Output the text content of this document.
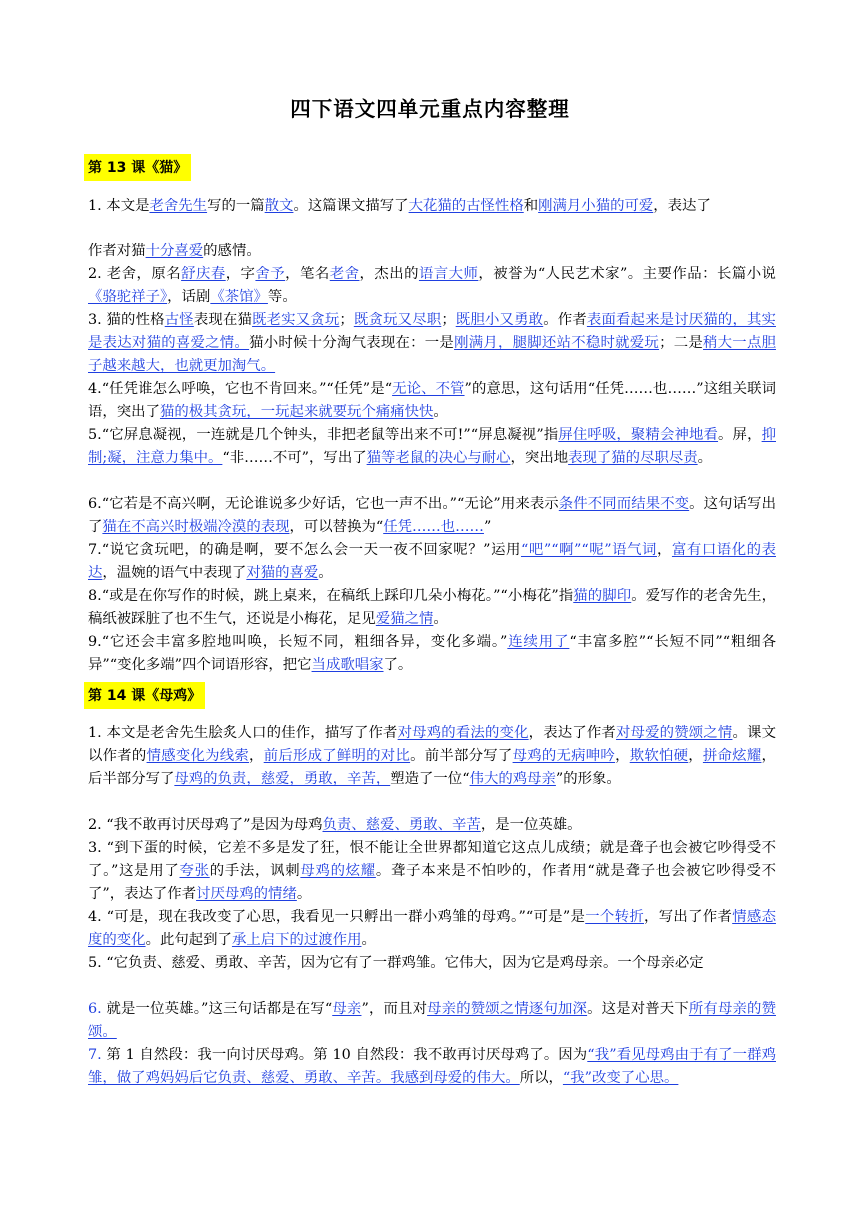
四下语文四单元重点内容整理
第 13 课《猫》
1. 本文是老舍先生写的一篇散文。这篇课文描写了大花猫的古怪性格和刚满月小猫的可爱，表达了
作者对猫十分喜爱的感情。
2. 老舍，原名舒庆春，字舍予，笔名老舍，杰出的语言大师，被誉为“人民艺术家”。主要作品：长篇小说《骆驼祥子》，话剧《茶馆》等。
3. 猫的性格古怪表现在猫既老实又贪玩；既贪玩又尽职；既胆小又勇敢。作者表面看起来是讨厌猫的，其实是表达对猫的喜爱之情。猫小时候十分淘气表现在：一是刚满月，腿脚还站不稳时就爱玩；二是稍大一点胆子越来越大，也就更加淘气。
4.“任凭谁怎么呼唤，它也不肯回来。”“任凭”是“无论、不管”的意思，这句话用“任凭……也……”这组关联词语，突出了猫的极其贪玩，一玩起来就要玩个痛痛快快。
5.“它屏息凝视，一连就是几个钟头，非把老鼠等出来不可!”“屏息凝视”指屏住呼吸，聚精会神地看。屏，抑制;凝，注意力集中。“非……不可”，写出了猫等老鼠的决心与耐心，突出地表现了猫的尽职尽责。
6.“它若是不高兴啊，无论谁说多少好话，它也一声不出。”“无论”用来表示条件不同而结果不变。这句话写出了猫在不高兴时极端冷漠的表现，可以替换为“任凭……也……”
7.“说它贪玩吧，的确是啊，要不怎么会一天一夜不回家呢？”运用“吧”“啊”“呢”语气词，富有口语化的表达，温婉的语气中表现了对猫的喜爱。
8.“或是在你写作的时候，跳上桌来，在稿纸上踩印几朵小梅花。”“小梅花”指猫的脚印。爱写作的老舍先生，稿纸被踩脏了也不生气，还说是小梅花，足见爱猫之情。
9.“它还会丰富多腔地叫唤，长短不同，粗细各异，变化多端。”连续用了“丰富多腔”“长短不同”“粗细各异”“变化多端”四个词语形容，把它当成歌唱家了。
第 14 课《母鸡》
1. 本文是老舍先生脍炙人口的佳作，描写了作者对母鸡的看法的变化，表达了作者对母爱的赞颂之情。课文以作者的情感变化为线索，前后形成了鲜明的对比。前半部分写了母鸡的无病呻吟，欺软怕硬，拼命炫耀，后半部分写了母鸡的负责，慈爱，勇敢，辛苦，塑造了一位“伟大的鸡母亲”的形象。
2. “我不敢再讨厌母鸡了”是因为母鸡负责、慈爱、勇敢、辛苦，是一位英雄。
3. “到下蛋的时候，它差不多是发了狂，恨不能让全世界都知道它这点儿成绩；就是聋子也会被它吵得受不了。”这是用了夸张的手法，讽刺母鸡的炫耀。聋子本来是不怕吵的，作者用“就是聋子也会被它吵得受不了”，表达了作者讨厌母鸡的情绪。
4. “可是，现在我改变了心思，我看见一只孵出一群小鸡雏的母鸡。”“可是”是一个转折，写出了作者情感态度的变化。此句起到了承上启下的过渡作用。
5. “它负责、慈爱、勇敢、辛苦，因为它有了一群鸡雏。它伟大，因为它是鸡母亲。一个母亲必定
6. 就是一位英雄。”这三句话都是在写“母亲”，而且对母亲的赞颂之情逐句加深。这是对普天下所有母亲的赞颂。
7. 第 1 自然段：我一向讨厌母鸡。第 10 自然段：我不敢再讨厌母鸡了。因为“我”看见母鸡由于有了一群鸡雏，做了鸡妈妈后它负责、慈爱、勇敢、辛苦。我感到母爱的伟大。所以，“我”改变了心思。
